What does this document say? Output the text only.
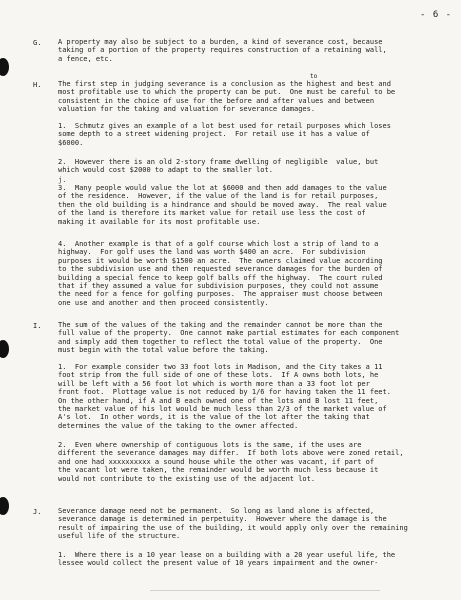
- 6 -
G. A property may also be subject to a burden, a kind of severance cost, because
taking of a portion of the property requires construction of a retaining wall,
a fence, etc.
to
H. The first step in judging severance is a conclusion as the highest and best and
most profitable use to which the property can be put.  One must be careful to be
consistent in the choice of use for the before and after values and between
valuation for the taking and valuation for severance damages.
1.  Schmutz gives an example of a lot best used for retail purposes which loses
some depth to a street widening project.  For retail use it has a value of
$6000.
2.  However there is an old 2-story frame dwelling of negligible  value, but
which would cost $2000 to adapt to the smaller lot.
j.
3.  Many people would value the lot at $6000 and then add damages to the value
of the residence.  However, if the value of the land is for retail purposes,
then the old building is a hindrance and should be moved away.  The real value
of the land is therefore its market value for retail use less the cost of
making it available for its most profitable use.
4.  Another example is that of a golf course which lost a strip of land to a
highway.  For golf uses the land was worth $400 an acre.  For subdivision
purposes it would be worth $1500 an acre.  The owners claimed value according
to the subdivision use and then requested severance damages for the burden of
building a special fence to keep golf balls off the highway.  The court ruled
that if they assumed a value for subdivision purposes, they could not assume
the need for a fence for golfing purposes.  The appraiser must choose between
one use and another and then proceed consistently.
I. The sum of the values of the taking and the remainder cannot be more than the
full value of the property.  One cannot make partial estimates for each component
and simply add them together to reflect the total value of the property.  One
must begin with the total value before the taking.
1.  For example consider two 33 foot lots in Madison, and the City takes a 11
foot strip from the full side of one of these lots.  If A owns both lots, he
will be left with a 56 foot lot which is worth more than a 33 foot lot per
front foot.  Plottage value is not reduced by 1/6 for having taken the 11 feet.
On the other hand, if A and B each owned one of the lots and B lost 11 feet,
the market value of his lot would be much less than 2/3 of the market value of
A's lot.  In other words, it is the value of the lot after the taking that
determines the value of the taking to the owner affected.
2.  Even where ownership of contiguous lots is the same, if the uses are
different the severance damages may differ.  If both lots above were zoned retail,
and one had xxxxxxxxxx a sound house while the other was vacant, if part of
the vacant lot were taken, the remainder would be worth much less because it
would not contribute to the existing use of the adjacent lot.
J. Severance damage need not be permanent.  So long as land alone is affected,
severance damage is determined in perpetuity.  However where the damage is the
result of impairing the use of the building, it would apply only over the remaining
useful life of the structure.
1.  Where there is a 10 year lease on a building with a 20 year useful life, the
lessee would collect the present value of 10 years impairment and the owner-
